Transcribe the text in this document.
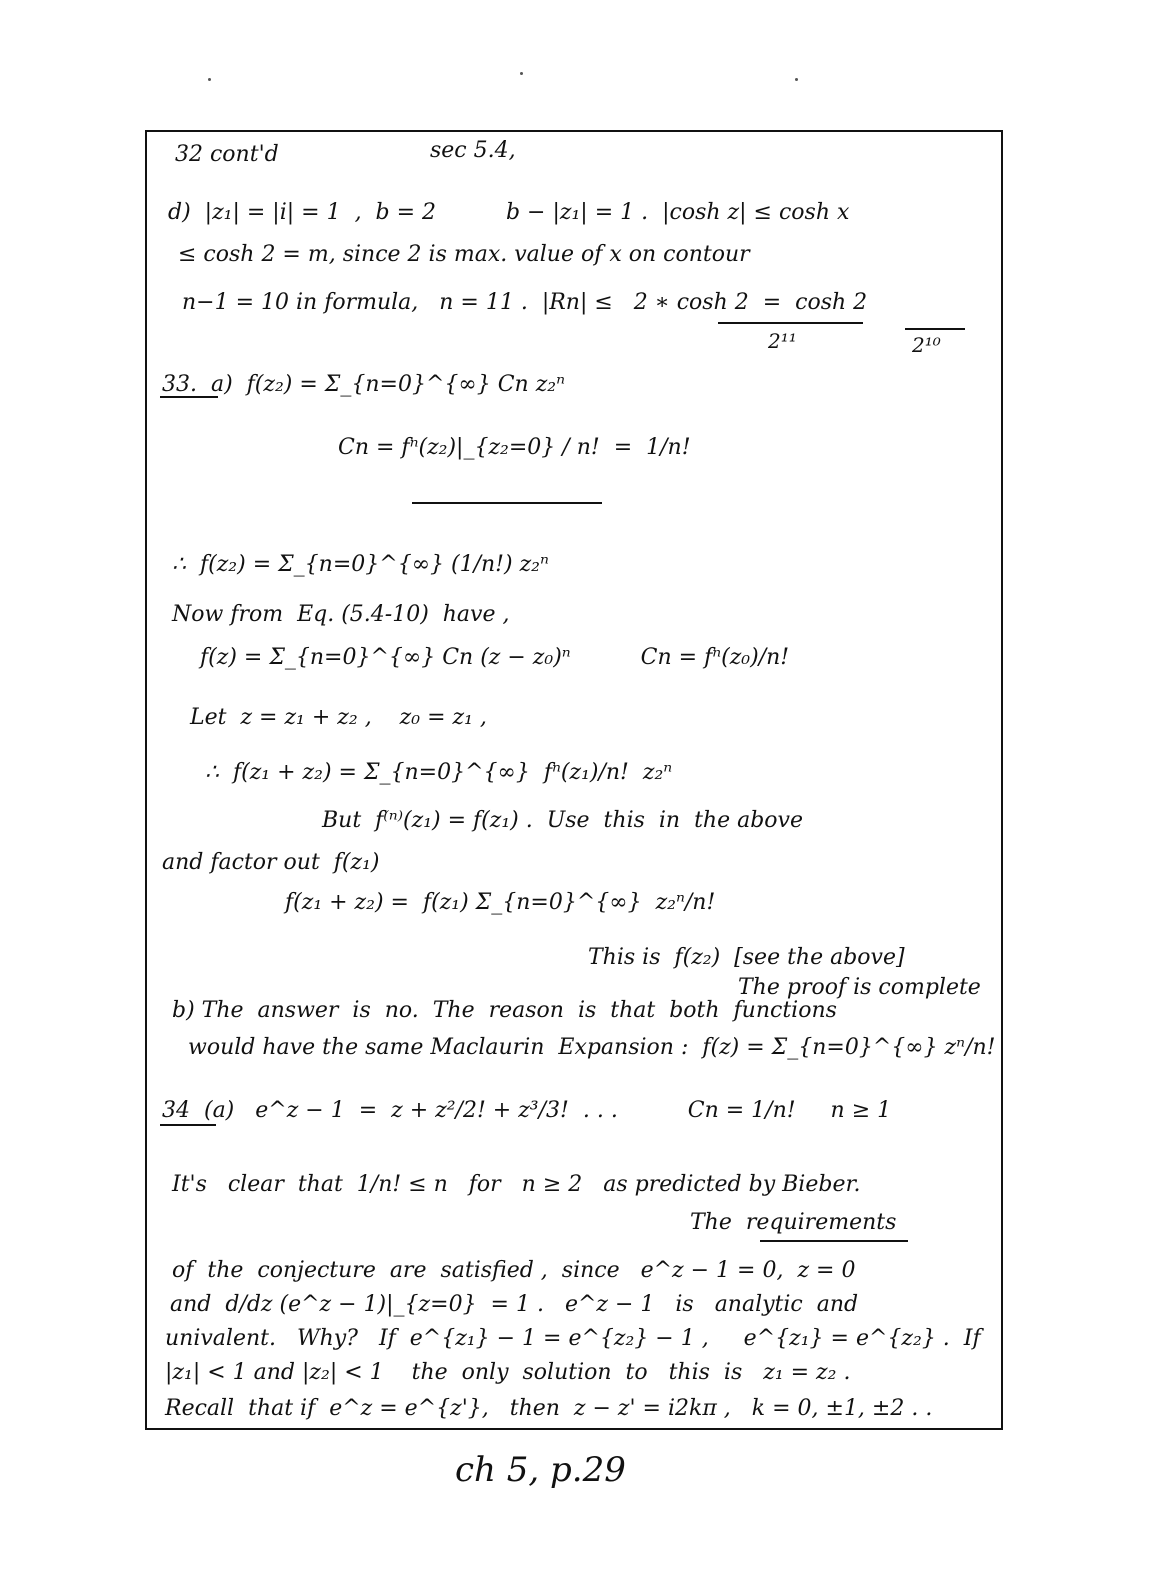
32 cont'd	sec 5.4,
d)  |z₁| = |i| = 1  ,  b = 2          b − |z₁| = 1 .  |cosh z| ≤ cosh x
≤ cosh 2 = m, since 2 is max. value of x on contour
n−1 = 10 in formula,   n = 11 .  |Rn| ≤   2 ∗ cosh 2  =  cosh 2
2¹¹	2¹⁰
33.  a)  f(z₂) = Σ_{n=0}^{∞} Cn z₂ⁿ
Cn = fⁿ(z₂)|_{z₂=0} / n!  =  1/n!
∴  f(z₂) = Σ_{n=0}^{∞} (1/n!) z₂ⁿ
Now from  Eq. (5.4-10)  have ,
f(z) = Σ_{n=0}^{∞} Cn (z − z₀)ⁿ          Cn = fⁿ(z₀)/n!
Let  z = z₁ + z₂ ,    z₀ = z₁ ,
∴  f(z₁ + z₂) = Σ_{n=0}^{∞}  fⁿ(z₁)/n!  z₂ⁿ
But  f⁽ⁿ⁾(z₁) = f(z₁) .  Use  this  in  the above
and factor out  f(z₁)
f(z₁ + z₂) =  f(z₁) Σ_{n=0}^{∞}  z₂ⁿ/n!
This is  f(z₂)  [see the above]
The proof is complete
b) The  answer  is  no.  The  reason  is  that  both  functions
would have the same Maclaurin  Expansion :  f(z) = Σ_{n=0}^{∞} zⁿ/n!
34  (a)   e^z − 1  =  z + z²/2! + z³/3!  . . .          Cn = 1/n!     n ≥ 1
It's   clear  that  1/n! ≤ n   for   n ≥ 2   as predicted by Bieber.
The  requirements
of  the  conjecture  are  satisfied ,  since   e^z − 1 = 0,  z = 0
and  d/dz (e^z − 1)|_{z=0}  = 1 .   e^z − 1   is   analytic  and
univalent.   Why?   If  e^{z₁} − 1 = e^{z₂} − 1 ,     e^{z₁} = e^{z₂} .  If
|z₁| < 1 and |z₂| < 1    the  only  solution  to   this  is   z₁ = z₂ .
Recall  that if  e^z = e^{z'},   then  z − z' = i2kπ ,   k = 0, ±1, ±2 . .
ch 5, p.29
